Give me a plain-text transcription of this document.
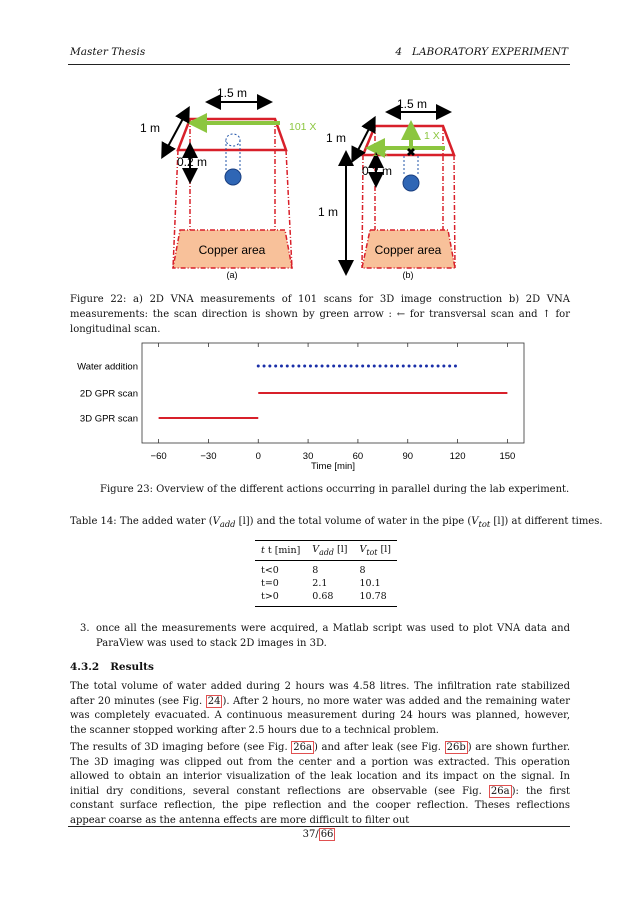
Master Thesis	4   LABORATORY EXPERIMENT
1.5 m
1 m
0.2 m
101 X
Copper area
(a)
✖
1.5 m
1 m
1 m
0.2 m
1 X
1 X
Copper area
(b)
Figure 22: a) 2D VNA measurements of 101 scans for 3D image construction b) 2D VNA measurements: the scan direction is shown by green arrow : ← for transversal scan and ↑ for longitudinal scan.
Water addition
2D GPR scan
3D GPR scan
−60	−30	0	30	60	90	120	150
Time [min]
Figure 23: Overview of the different actions occurring in parallel during the lab experiment.
Table 14: The added water ($V_{add}$ [l]) and the total volume of water in the pipe ($V_{tot}$ [l]) at different times.
t t [min]	$V_{add}$ [l]	$V_{tot}$ [l]
t<0	8	8
t=0	2.1	10.1
t>0	0.68	10.78
3. once all the measurements were acquired, a Matlab script was used to plot VNA data and ParaView was used to stack 2D images in 3D.
4.3.2 Results
The total volume of water added during 2 hours was 4.58 litres. The infiltration rate stabilized after 20 minutes (see Fig. 24 ). After 2 hours, no more water was added and the remaining water was completely evacuated. A continuous measurement during 24 hours was planned, however, the scanner stopped working after 2.5 hours due to a technical problem.
The results of 3D imaging before (see Fig. 26a ) and after leak (see Fig. 26b ) are shown further. The 3D imaging was clipped out from the center and a portion was extracted. This operation allowed to obtain an interior visualization of the leak location and its impact on the signal. In initial dry conditions, several constant reflections are observable (see Fig. 26a ): the first constant surface reflection, the pipe reflection and the cooper reflection. Theses reflections appear coarse as the antenna effects are more difficult to filter out
37/ 66
